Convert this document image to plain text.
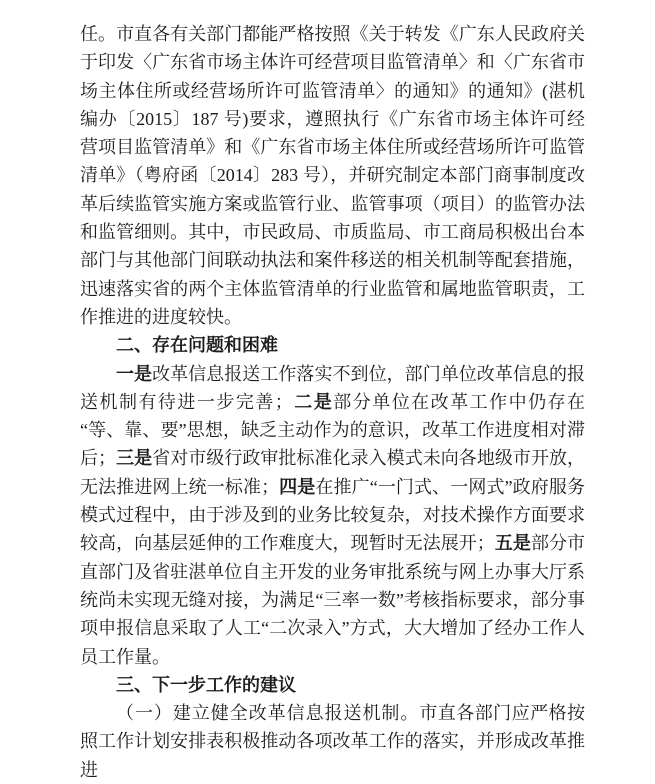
任。市直各有关部门都能严格按照《关于转发《广东人民政府关于印发〈广东省市场主体许可经营项目监管清单〉和〈广东省市场主体住所或经营场所许可监管清单〉的通知》的通知》(湛机编办〔2015〕187 号)要求，遵照执行《广东省市场主体许可经营项目监管清单》和《广东省市场主体住所或经营场所许可监管清单》（粤府函〔2014〕283 号），并研究制定本部门商事制度改革后续监管实施方案或监管行业、监管事项（项目）的监管办法和监管细则。其中，市民政局、市质监局、市工商局积极出台本部门与其他部门间联动执法和案件移送的相关机制等配套措施，迅速落实省的两个主体监管清单的行业监管和属地监管职责，工作推进的进度较快。

二、存在问题和困难

一是改革信息报送工作落实不到位，部门单位改革信息的报送机制有待进一步完善；二是部分单位在改革工作中仍存在“等、靠、要”思想，缺乏主动作为的意识，改革工作进度相对滞后；三是省对市级行政审批标准化录入模式未向各地级市开放，无法推进网上统一标准；四是在推广“一门式、一网式”政府服务模式过程中，由于涉及到的业务比较复杂，对技术操作方面要求较高，向基层延伸的工作难度大，现暂时无法展开；五是部分市直部门及省驻湛单位自主开发的业务审批系统与网上办事大厅系统尚未实现无缝对接，为满足“三率一数”考核指标要求，部分事项申报信息采取了人工“二次录入”方式，大大增加了经办工作人员工作量。

三、下一步工作的建议

（一）建立健全改革信息报送机制。市直各部门应严格按照工作计划安排表积极推动各项改革工作的落实，并形成改革推进
